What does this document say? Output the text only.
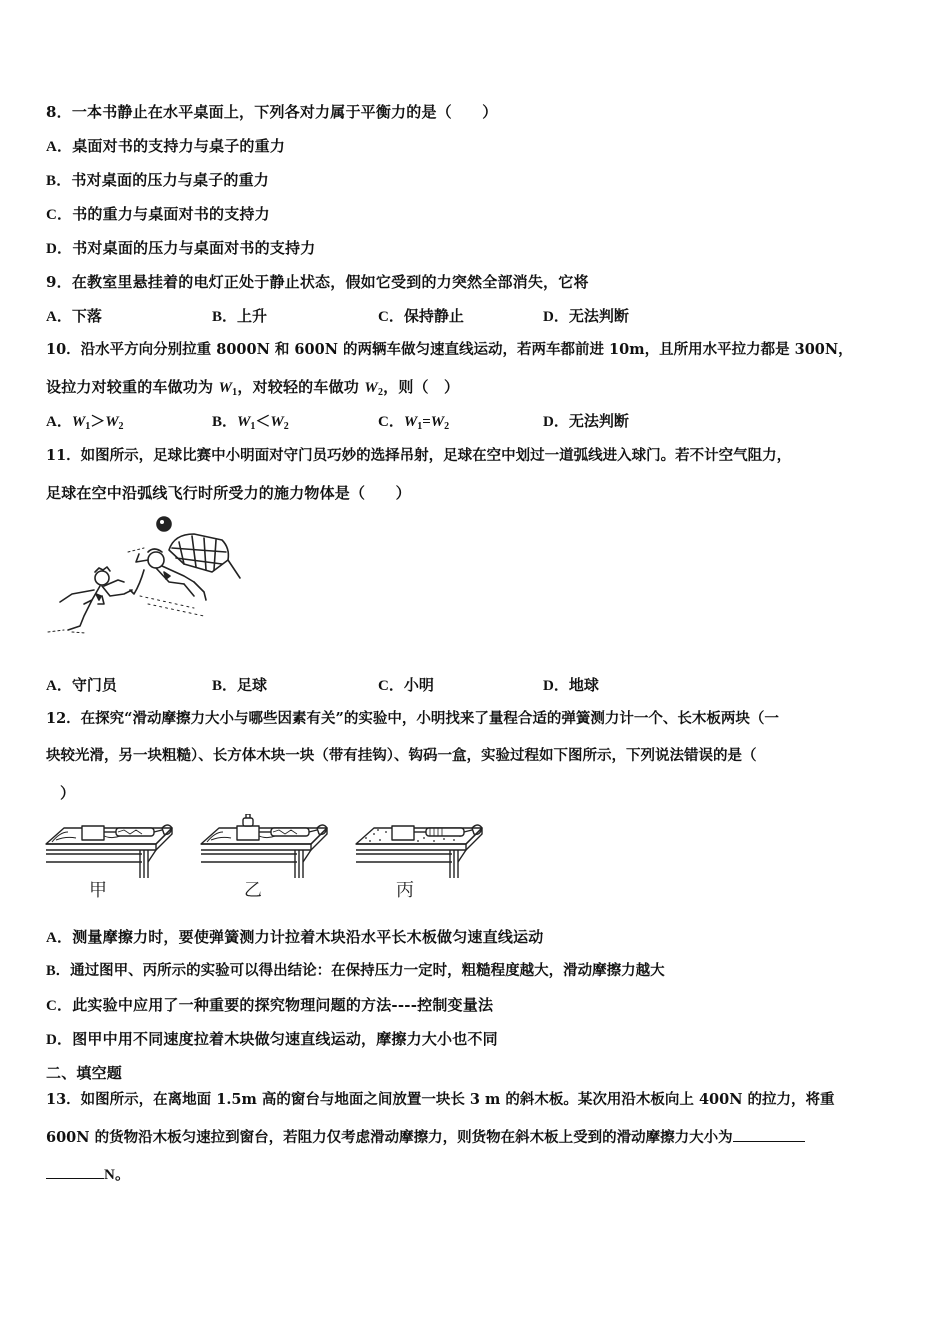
8．一本书静止在水平桌面上，下列各对力属于平衡力的是（　　）
A．桌面对书的支持力与桌子的重力
B．书对桌面的压力与桌子的重力
C．书的重力与桌面对书的支持力
D．书对桌面的压力与桌面对书的支持力
9．在教室里悬挂着的电灯正处于静止状态，假如它受到的力突然全部消失，它将
A．下落	B．上升	C．保持静止	D．无法判断
10．沿水平方向分别拉重 8000N 和 600N 的两辆车做匀速直线运动，若两车都前进 10m，且所用水平拉力都是 300N，
设拉力对较重的车做功为 $W_1$，对较轻的车做功 $W_2$，则（　）
A．$W_1>W_2$	B．$W_1<W_2$	C．$W_1=W_2$	D．无法判断
11．如图所示，足球比赛中小明面对守门员巧妙的选择吊射，足球在空中划过一道弧线进入球门。若不计空气阻力，
足球在空中沿弧线飞行时所受力的施力物体是（　　）
A．守门员	B．足球	C．小明	D．地球
12．在探究“滑动摩擦力大小与哪些因素有关”的实验中，小明找来了量程合适的弹簧测力计一个、长木板两块（一
块较光滑，另一块粗糙）、长方体木块一块（带有挂钩）、钩码一盒，实验过程如下图所示，下列说法错误的是（
）
甲	乙	丙
A．测量摩擦力时，要使弹簧测力计拉着木块沿水平长木板做匀速直线运动
B．通过图甲、丙所示的实验可以得出结论：在保持压力一定时，粗糙程度越大，滑动摩擦力越大
C．此实验中应用了一种重要的探究物理问题的方法----控制变量法
D．图甲中用不同速度拉着木块做匀速直线运动，摩擦力大小也不同
二、填空题
13．如图所示，在离地面 1.5m 高的窗台与地面之间放置一块长 3 m 的斜木板。某次用沿木板向上 400N 的拉力，将重
600N 的货物沿木板匀速拉到窗台，若阻力仅考虑滑动摩擦力，则货物在斜木板上受到的滑动摩擦力大小为
N。
